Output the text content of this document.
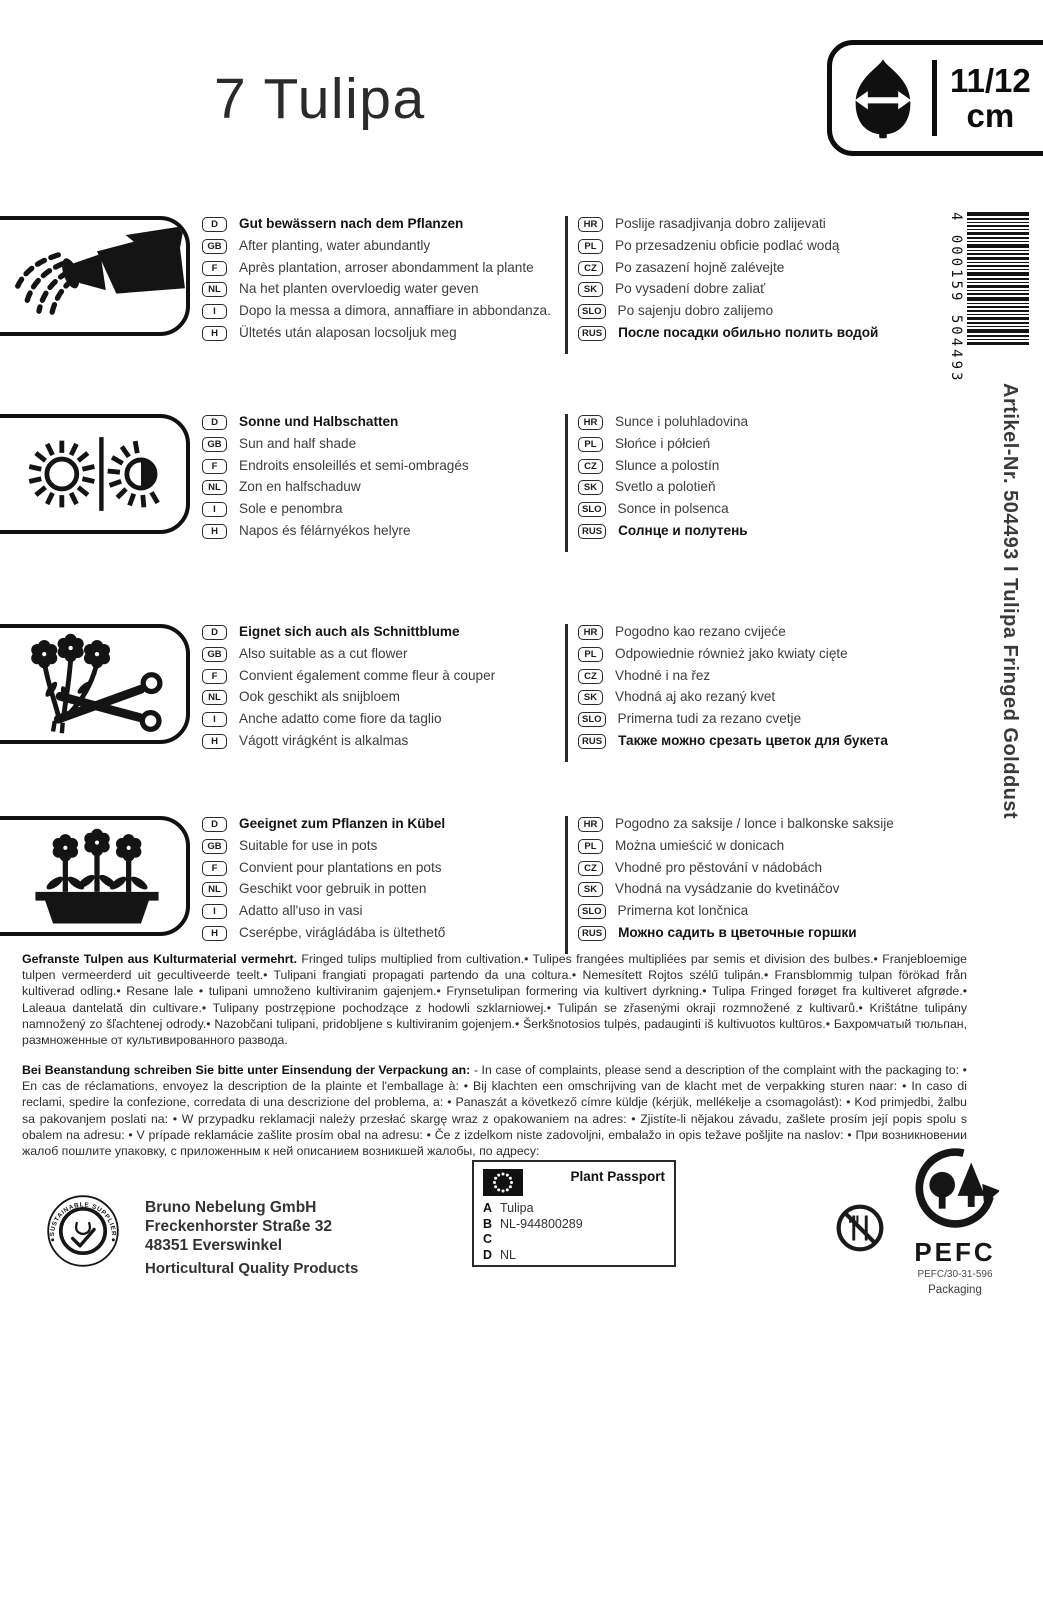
7 Tulipa	11/12
cm
4 000159 504493
Artikel-Nr. 504493 I Tulipa Fringed Golddust
D	Gut bewässern nach dem Pflanzen
GB	After planting, water abundantly
F	Après plantation, arroser abondamment la plante
NL	Na het planten overvloedig water geven
I	Dopo la messa a dimora, annaffiare in abbondanza.
H	Ültetés után alaposan locsoljuk meg
HR	Poslije rasadjivanja dobro zalijevati
PL	Po przesadzeniu obficie podlać wodą
CZ	Po zasazení hojně zalévejte
SK	Po vysadení dobre zaliať
SLO Po sajenju dobro zalijemo
RUS После посадки обильно полить водой
D	Sonne und Halbschatten
GB	Sun and half shade
F	Endroits ensoleillés et semi-ombragés
NL	Zon en halfschaduw
I	Sole e penombra
H	Napos és félárnyékos helyre
HR	Sunce i poluhladovina
PL	Słońce i półcień
CZ	Slunce a polostín
SK	Svetlo a polotieň
SLO Sonce in polsenca
RUS Солнце и полутень
D	Eignet sich auch als Schnittblume
GB	Also suitable as a cut flower
F	Convient également comme fleur à couper
NL	Ook geschikt als snijbloem
I	Anche adatto come fiore da taglio
H	Vágott virágként is alkalmas
HR	Pogodno kao rezano cvijeće
PL	Odpowiednie również jako kwiaty cięte
CZ	Vhodné i na řez
SK	Vhodná aj ako rezaný kvet
SLO Primerna tudi za rezano cvetje
RUS Также можно срезать цветок для букета
D	Geeignet zum Pflanzen in Kübel
GB	Suitable for use in pots
F	Convient pour plantations en pots
NL	Geschikt voor gebruik in potten
I	Adatto all'uso in vasi
H	Cserépbe, virágládába is ültethető
HR	Pogodno za saksije / lonce i balkonske saksije
PL	Można umieścić w donicach
CZ	Vhodné pro pěstování v nádobách
SK	Vhodná na vysádzanie do kvetináčov
SLO Primerna kot lončnica
RUS Можно садить в цветочные горшки
Gefranste Tulpen aus Kulturmaterial vermehrt. Fringed tulips multiplied from cultivation.• Tulipes frangées multipliées par semis et division des bulbes.• Franjebloemige tulpen vermeerderd uit gecultiveerde teelt.• Tulipani frangiati propagati partendo da una coltura.• Nemesített Rojtos szélű tulipán.• Fransblommig tulpan förökad från kultiverad odling.• Resane lale • tulipani umnoženo kultiviranim gajenjem.• Frynsetulipan formering via kultivert dyrkning.• Tulipa Fringed forøget fra kultiveret afgrøde.• Laleaua dantelată din cultivare.• Tulipany postrzępione pochodzące z hodowli szklarniowej.• Tulipán se zřasenými okraji rozmnožené z kultivarů.• Krištátne tulipány namnožený zo šľachtenej odrody.• Nazobčani tulipani, pridobljene s kultiviranim gojenjem.• Šerkšnotosios tulpės, padauginti iš kultivuotos kultūros.• Бахромчатый тюльпан, размноженные от культивированного развода.
Bei Beanstandung schreiben Sie bitte unter Einsendung der Verpackung an: - In case of complaints, please send a description of the complaint with the packaging to: • En cas de réclamations, envoyez la description de la plainte et l'emballage à: • Bij klachten een omschrijving van de klacht met de verpakking sturen naar: • In caso di reclami, spedire la confezione, corredata di una descrizione del problema, a: • Panaszát a következő címre küldje (kérjük, mellékelje a csomagolást): • Kod primjedbi, žalbu sa pakovanjem poslati na: • W przypadku reklamacji należy przesłać skargę wraz z opakowaniem na adres: • Zjistíte-li nějakou závadu, zašlete prosím její popis spolu s obalem na adresu: • V prípade reklamácie zašlite prosím obal na adresu: • Če z izdelkom niste zadovoljni, embalažo in opis težave pošljite na naslov: • При возникновении жалоб пошлите упаковку, с приложенным к ней описанием возникшей жалобы, по адресу:
SUSTAINABLE SUPPLIER
Bruno Nebelung GmbH
Freckenhorster Straße 32
48351 Everswinkel
Horticultural Quality Products
Plant Passport
A Tulipa
B NL-944800289
C
D NL	PEFC
PEFC/30-31-596
Packaging
